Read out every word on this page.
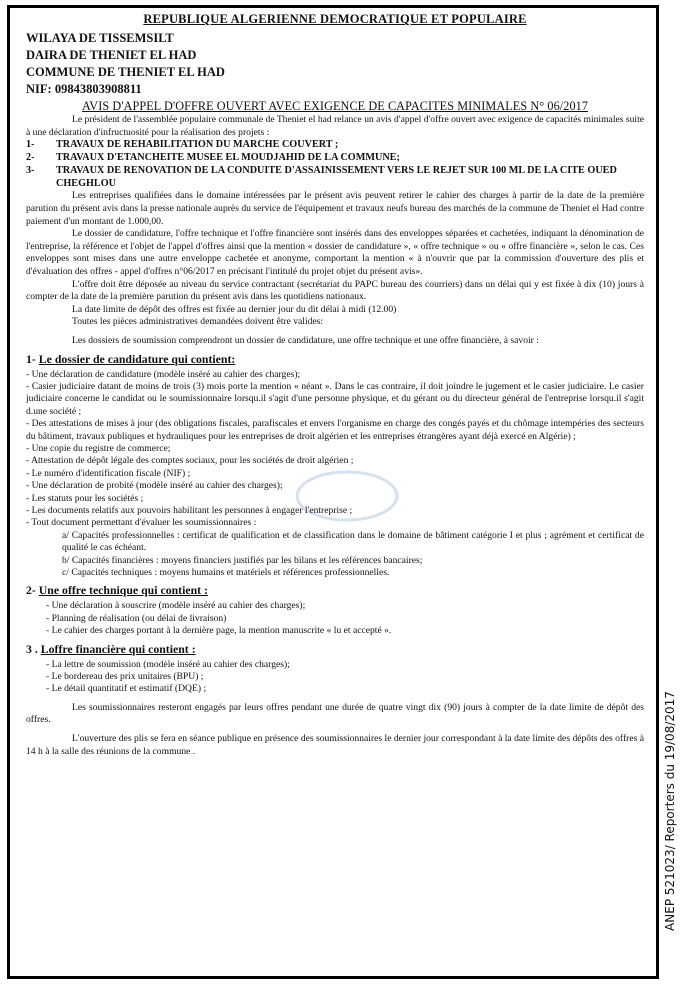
REPUBLIQUE ALGERIENNE DEMOCRATIQUE ET POPULAIRE
WILAYA DE TISSEMSILT
DAIRA DE THENIET EL HAD
COMMUNE DE THENIET EL HAD
NIF: 09843803908811
AVIS D'APPEL D'OFFRE OUVERT AVEC EXIGENCE DE CAPACITES MINIMALES N° 06/2017

Le président de l'assemblée populaire communale de Theniet el had relance un avis d'appel d'offre ouvert avec exigence de capacités minimales suite à une déclaration d'infructuosité pour la réalisation des projets :

1-	TRAVAUX DE REHABILITATION DU MARCHE COUVERT ;
2-	TRAVAUX D'ETANCHEITE MUSEE EL MOUDJAHID DE LA COMMUNE;
3-	TRAVAUX DE RENOVATION DE LA CONDUITE D'ASSAINISSEMENT VERS LE REJET SUR 100 ML DE LA CITE OUED CHEGHLOU

Les entreprises qualifiées dans le domaine intéressées par le présent avis peuvent retirer le cahier des charges à partir de la date de la première parution du présent avis dans la presse nationale auprès du service de l'équipement et travaux neufs bureau des marchés de la commune de Theniet el Had contre paiement d'un montant de 1.000,00.

Le dossier de candidature, l'offre technique et l'offre financière sont insérés dans des enveloppes séparées et cachetées, indiquant la dénomination de l'entreprise, la référence et l'objet de l'appel d'offres ainsi que la mention « dossier de candidature », « offre technique » ou « offre financière », selon le cas. Ces enveloppes sont mises dans une autre enveloppe cachetée et anonyme, comportant la mention « à n'ouvrir que par la commission d'ouverture des plis et d'évaluation des offres - appel d'offres n°06/2017 en précisant l'intitulé du projet objet du présent avis».

L'offre doit être déposée au niveau du service contractant (secrétariat du PAPC bureau des courriers) dans un délai qui y est fixée à dix (10) jours à compter de la date de la première parution du présent avis dans les quotidiens nationaux.

La date limite de dépôt des offres est fixée au dernier jour du dit délai à midi (12.00)

Toutes les pièces administratives demandées doivent être valides:

Les dossiers de soumission comprendront un dossier de candidature, une offre technique et une offre financière, à savoir :

1- Le dossier de candidature qui contient:
- Une déclaration de candidature (modèle inséré au cahier des charges);
- Casier judiciaire datant de moins de trois (3) mois porte la mention « néant ». Dans le cas contraire, il doit joindre le jugement et le casier judiciaire. Le casier judiciaire concerne le candidat ou le soumissionnaire lorsqu.il s'agit d'une personne physique, et du gérant ou du directeur général de l'entreprise lorsqu.il s'agit d.une société ;
- Des attestations de mises à jour (des obligations fiscales, parafiscales et envers l'organisme en charge des congés payés et du chômage intempéries des secteurs du bâtiment, travaux publiques et hydrauliques pour les entreprises de droit algérien et les entreprises étrangères ayant déjà exercé en Algérie) ;
- Une copie du registre de commerce;
- Attestation de dépôt légale des comptes sociaux, pour les sociétés de droit algérien ;
- Le numéro d'identification fiscale (NIF) ;
- Une déclaration de probité (modèle inséré au cahier des charges);
- Les statuts pour les sociétés ;
- Les documents relatifs aux pouvoirs habilitant les personnes à engager l'entreprise ;
- Tout document permettant d'évaluer les soumissionnaires :
a/ Capacités professionnelles : certificat de qualification et de classification dans le domaine de bâtiment catégorie I et plus ; agrément et certificat de qualité le cas échéant.
b/ Capacités financières : moyens financiers justifiés par les bilans et les références bancaires;
c/ Capacités techniques : moyens humains et matériels et références professionnelles.
2- Une offre technique qui contient :
- Une déclaration à souscrire (modèle inséré au cahier des charges);
- Planning de réalisation (ou délai de livraison)
- Le cahier des charges portant à la dernière page, la mention manuscrite « lu et accepté ».
3 . Loffre financière qui contient :
- La lettre de soumission (modèle inséré au cahier des charges);
- Le bordereau des prix unitaires (BPU) ;
- Le détail quantitatif et estimatif (DQE) ;

Les soumissionnaires resteront engagés par leurs offres pendant une durée de quatre vingt dix (90) jours à compter de la date limite de dépôt des offres.

L'ouverture des plis se fera en séance publique en présence des soumissionnaires le dernier jour correspondant à la date limite des dépôts des offres à 14 h à la salle des réunions de la commune .	ANEP 521023/ Reporters du 19/08/2017
